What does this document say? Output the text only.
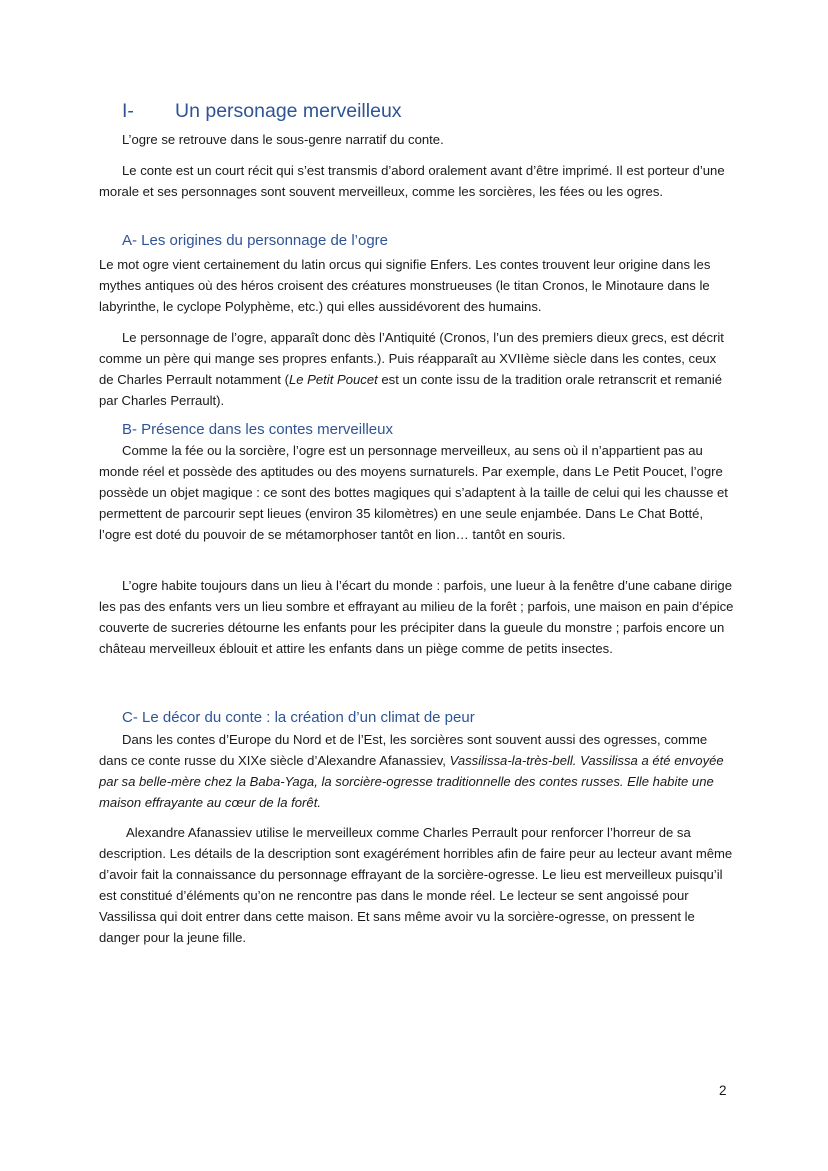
I- Un personage merveilleux

L’ogre se retrouve dans le sous-genre narratif du conte.

Le conte est un court récit qui s’est transmis d’abord oralement avant d’être imprimé. Il est porteur d’une morale et ses personnages sont souvent merveilleux, comme les sorcières, les fées ou les ogres.

A- Les origines du personnage de l’ogre

Le mot ogre vient certainement du latin orcus qui signifie Enfers. Les contes trouvent leur origine dans les mythes antiques où des héros croisent des créatures monstrueuses (le titan Cronos, le Minotaure dans le labyrinthe, le cyclope Polyphème, etc.) qui elles aussidévorent des humains.

Le personnage de l’ogre, apparaît donc dès l’Antiquité (Cronos, l’un des premiers dieux grecs, est décrit comme un père qui mange ses propres enfants.). Puis réapparaît au XVIIème siècle dans les contes, ceux de Charles Perrault notamment (Le Petit Poucet est un conte issu de la tradition orale retranscrit et remanié par Charles Perrault).

B- Présence dans les contes merveilleux

Comme la fée ou la sorcière, l’ogre est un personnage merveilleux, au sens où il n’appartient pas au monde réel et possède des aptitudes ou des moyens surnaturels. Par exemple, dans Le Petit Poucet, l’ogre possède un objet magique : ce sont des bottes magiques qui s’adaptent à la taille de celui qui les chausse et permettent de parcourir sept lieues (environ 35 kilomètres) en une seule enjambée. Dans Le Chat Botté, l’ogre est doté du pouvoir de se métamorphoser tantôt en lion… tantôt en souris.

L’ogre habite toujours dans un lieu à l’écart du monde : parfois, une lueur à la fenêtre d’une cabane dirige les pas des enfants vers un lieu sombre et effrayant au milieu de la forêt ; parfois, une maison en pain d’épice couverte de sucreries détourne les enfants pour les précipiter dans la gueule du monstre ; parfois encore un château merveilleux éblouit et attire les enfants dans un piège comme de petits insectes.

C- Le décor du conte : la création d’un climat de peur

Dans les contes d’Europe du Nord et de l’Est, les sorcières sont souvent aussi des ogresses, comme dans ce conte russe du XIXe siècle d’Alexandre Afanassiev, Vassilissa-la-très-bell. Vassilissa a été envoyée par sa belle-mère chez la Baba-Yaga, la sorcière-ogresse traditionnelle des contes russes. Elle habite une maison effrayante au cœur de la forêt.

Alexandre Afanassiev utilise le merveilleux comme Charles Perrault pour renforcer l’horreur de sa description. Les détails de la description sont exagérément horribles afin de faire peur au lecteur avant même d’avoir fait la connaissance du personnage effrayant de la sorcière-ogresse. Le lieu est merveilleux puisqu’il est constitué d’éléments qu’on ne rencontre pas dans le monde réel. Le lecteur se sent angoissé pour Vassilissa qui doit entrer dans cette maison. Et sans même avoir vu la sorcière-ogresse, on pressent le danger pour la jeune fille.

2
